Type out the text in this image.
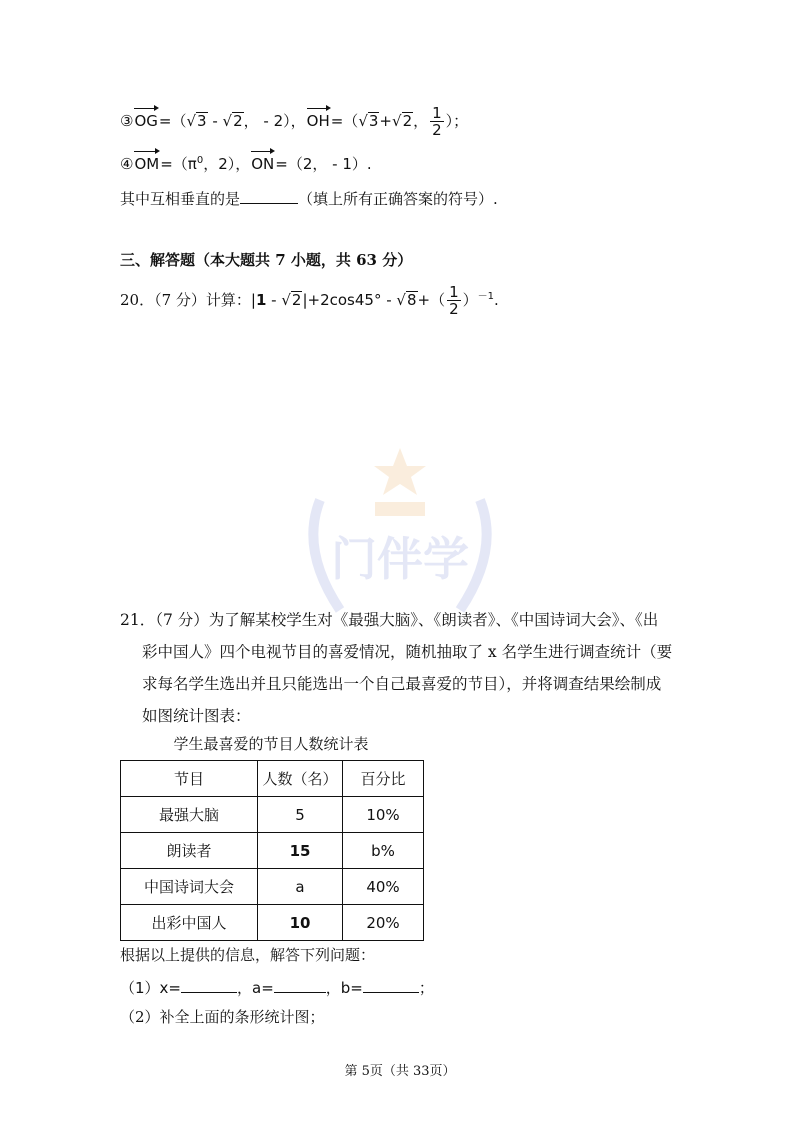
门伴学
③OG=（√3 - √2， - 2），OH=（√3+√2， $\frac{1}{2}$ ）；
$④OM=(\pi^0$，2），ON=（2， - 1）.
其中互相垂直的是	（填上所有正确答案的符号）.
三、解答题（本大题共 7 小题，共 63 分）
20．（7 分）计算：$|1 - √2|+2\cos 45^\circ - √8+( \frac{1}{2} )^{-1}$.
21．（7 分）为了解某校学生对《最强大脑》、《朗读者》、《中国诗词大会》、《出
彩中国人》四个电视节目的喜爱情况，随机抽取了 x 名学生进行调查统计（要
求每名学生选出并且只能选出一个自己最喜爱的节目），并将调查结果绘制成
如图统计图表：
学生最喜爱的节目人数统计表
节目	人数（名）	百分比
最强大脑	5	10%
朗读者	15	b%
中国诗词大会	a	40%
出彩中国人	10	20%
根据以上提供的信息，解答下列问题：
（1）x=	，a=	，b=	；
（2）补全上面的条形统计图；
第 5页（共 33页）
